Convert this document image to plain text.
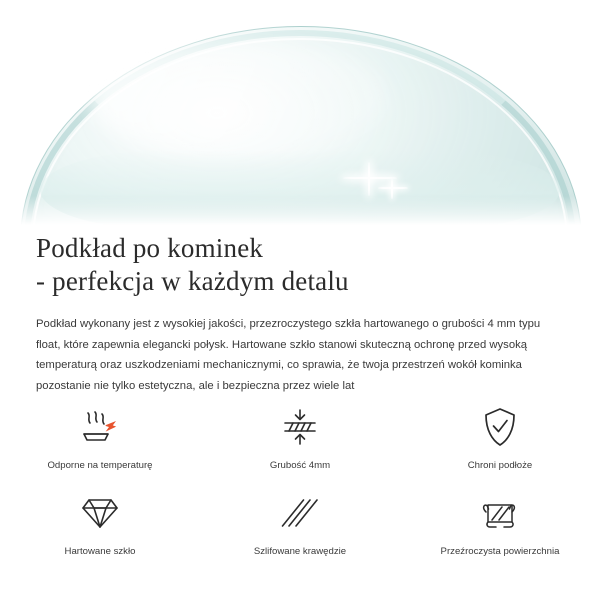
Podkład po kominek
- perfekcja w każdym detalu

Podkład wykonany jest z wysokiej jakości, przezroczystego szkła hartowanego o grubości 4 mm typu float, które zapewnia elegancki połysk. Hartowane szkło stanowi skuteczną ochronę przed wysoką temperaturą oraz uszkodzeniami mechanicznymi, co sprawia, że twoja przestrzeń wokół kominka pozostanie nie tylko estetyczna, ale i bezpieczna przez wiele lat

Odporne na temperaturę	Grubość 4mm	Chroni podłoże
Hartowane szkło	Szlifowane krawędzie	Przeźroczysta powierzchnia
